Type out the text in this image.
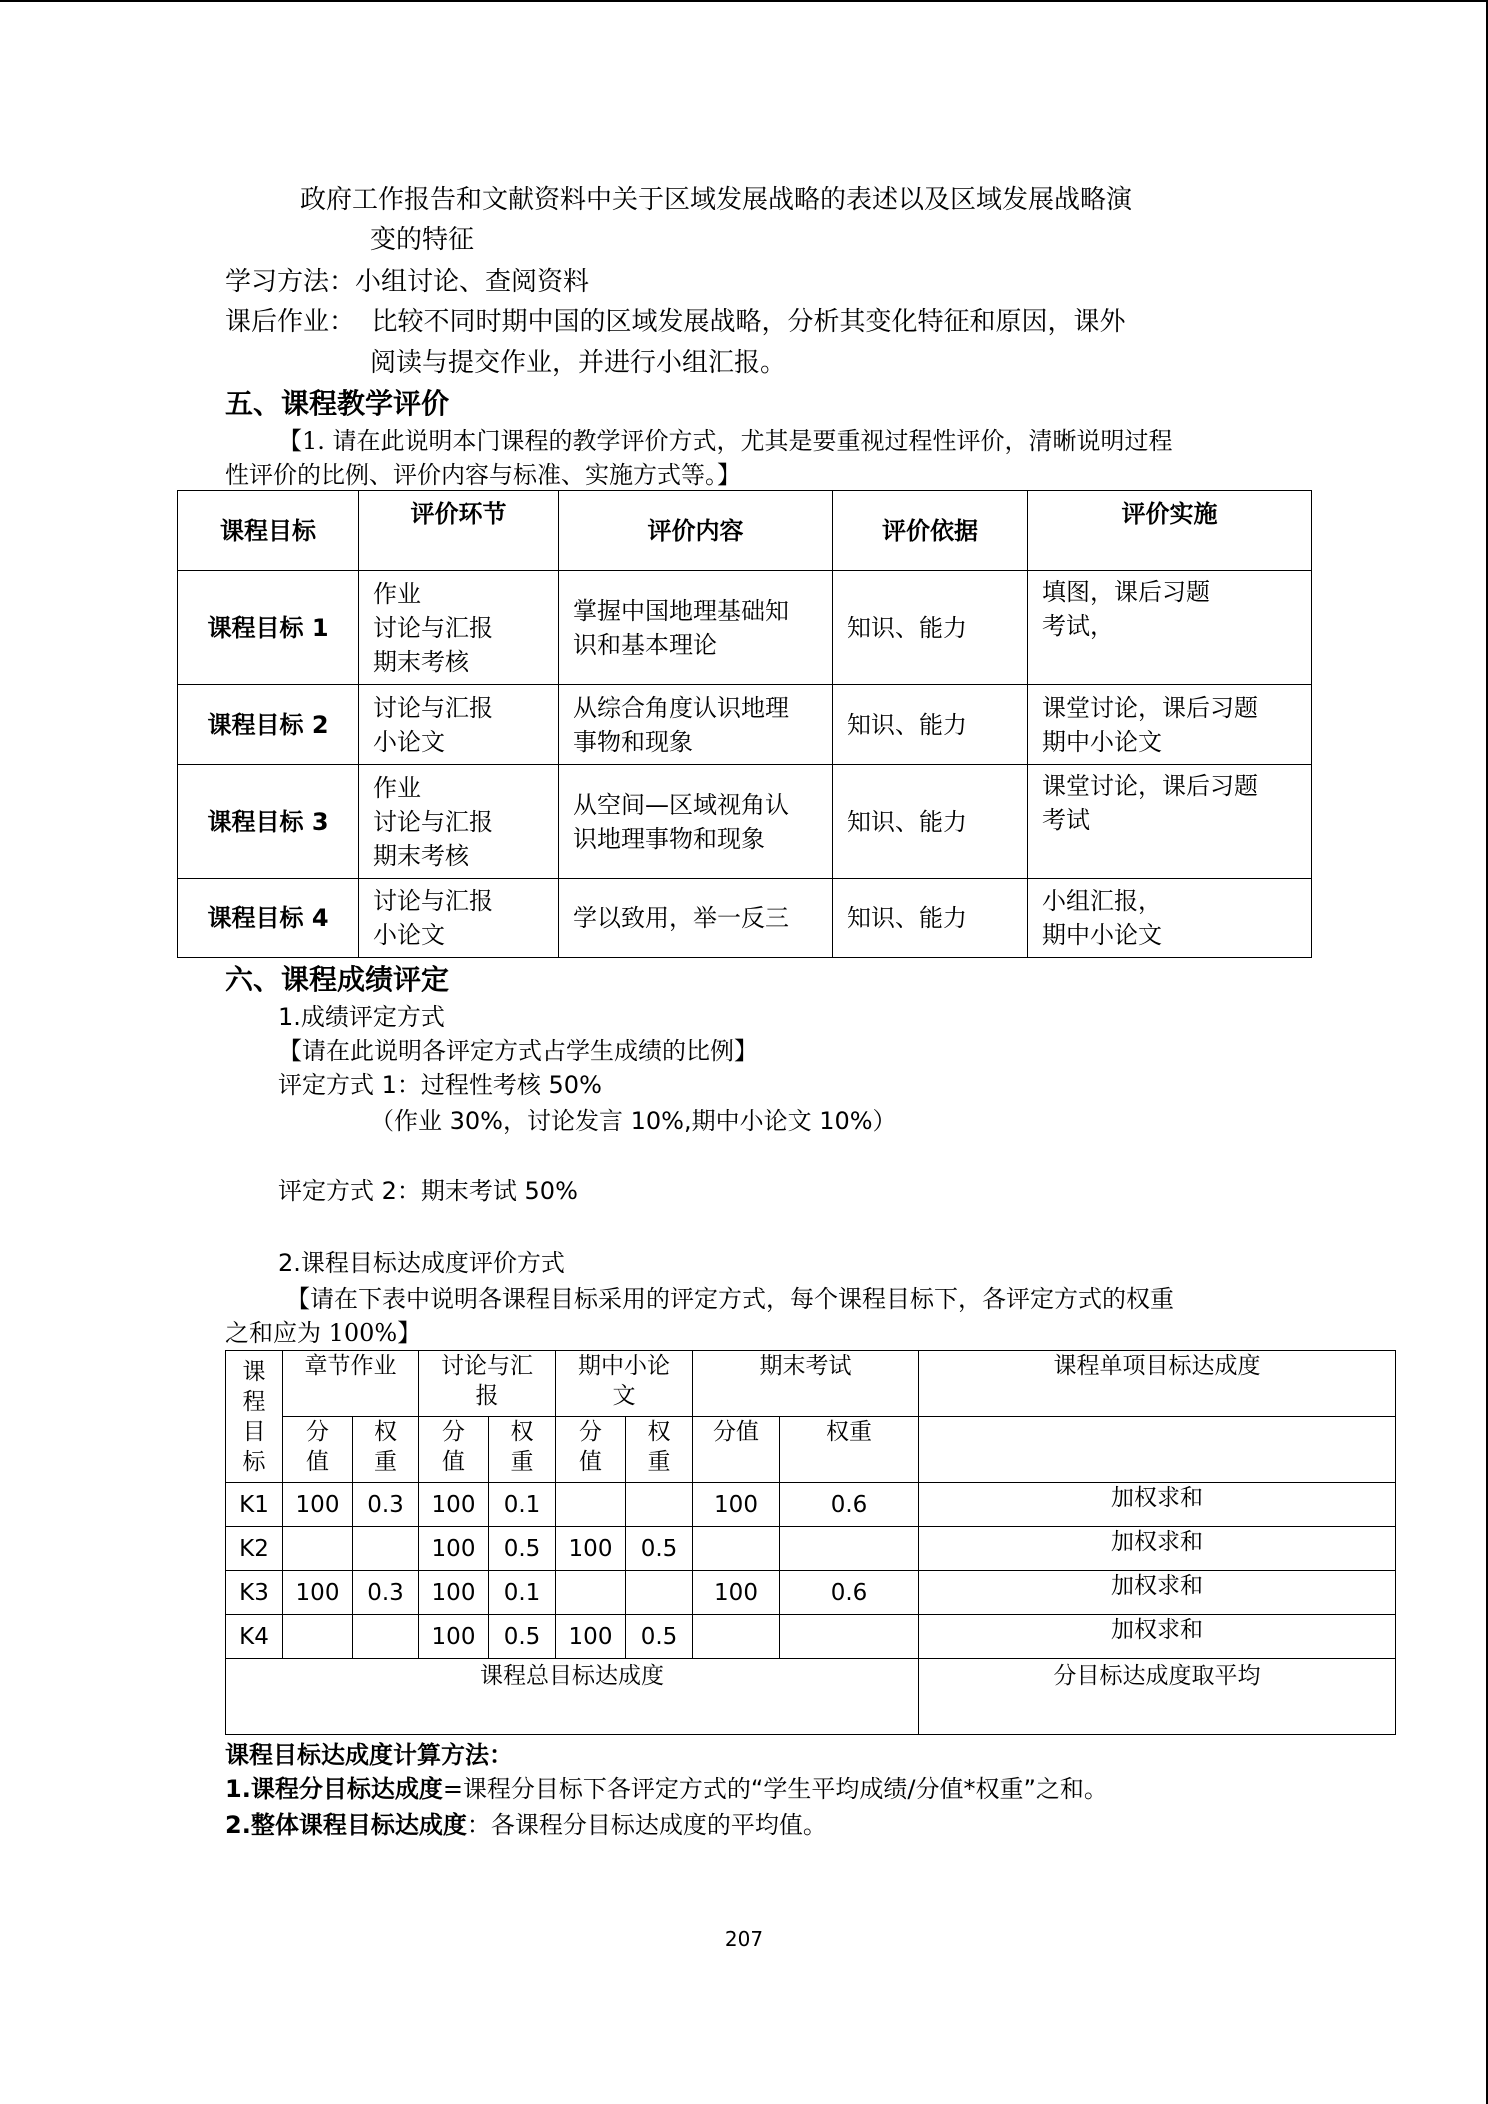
政府工作报告和文献资料中关于区域发展战略的表述以及区域发展战略演
变的特征
学习方法：小组讨论、查阅资料
课后作业： 比较不同时期中国的区域发展战略，分析其变化特征和原因，课外
阅读与提交作业，并进行小组汇报。
五、课程教学评价
【1. 请在此说明本门课程的教学评价方式，尤其是要重视过程性评价，清晰说明过程
性评价的比例、评价内容与标准、实施方式等。】
课程目标	评价环节	评价内容	评价依据	评价实施
课程目标 1	作业
讨论与汇报
期末考核	掌握中国地理基础知
识和基本理论	知识、能力	填图，课后习题
考试，

课程目标 2	讨论与汇报
小论文	从综合角度认识地理
事物和现象	知识、能力	课堂讨论，课后习题
期中小论文

课程目标 3	作业
讨论与汇报
期末考核	从空间—区域视角认
识地理事物和现象	知识、能力	课堂讨论，课后习题
考试

课程目标 4	讨论与汇报
小论文	学以致用，举一反三	知识、能力	小组汇报，
期中小论文
六、课程成绩评定
1.成绩评定方式
【请在此说明各评定方式占学生成绩的比例】
评定方式 1：过程性考核 50%
（作业 30%，讨论发言 10%,期中小论文 10%）
评定方式 2：期末考试 50%
2.课程目标达成度评价方式
【请在下表中说明各课程目标采用的评定方式，每个课程目标下，各评定方式的权重
之和应为 100%】
课
程
目
标	章节作业		讨论与汇
报		期中小论
文		期末考试		课程单项目标达成度

	分
值	权
重	分
值	权
重	分
值	权
重	分值	权重	
K1	100	0.3	100	0.1			100	0.6	加权求和
K2			100	0.5	100	0.5			加权求和
K3	100	0.3	100	0.1			100	0.6	加权求和
K4			100	0.5	100	0.5			加权求和
课程总目标达成度									分目标达成度取平均
课程目标达成度计算方法：
1.课程分目标达成度=课程分目标下各评定方式的“学生平均成绩/分值*权重”之和。
2.整体课程目标达成度：各课程分目标达成度的平均值。
207
